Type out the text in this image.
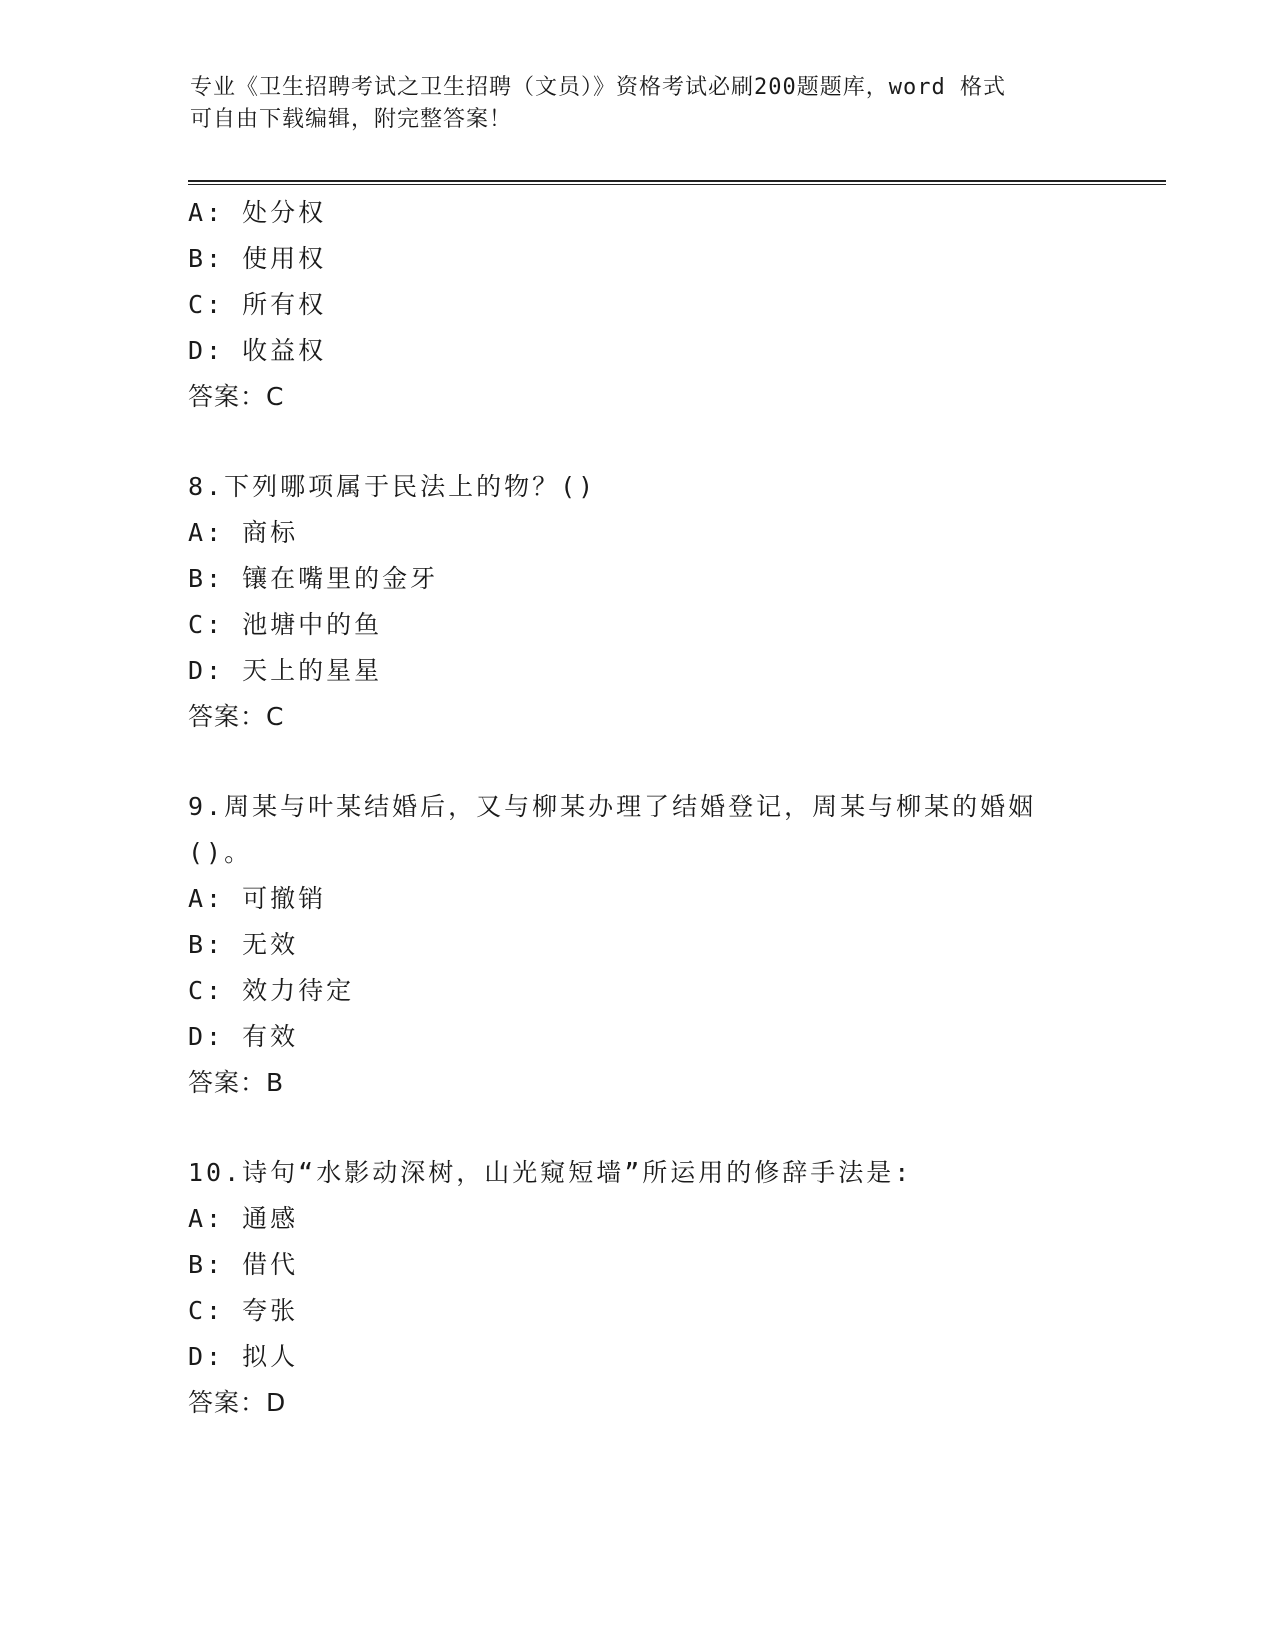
专业《卫生招聘考试之卫生招聘（文员）》资格考试必刷200题题库，word 格式
可自由下载编辑，附完整答案！
A: 处分权
B: 使用权
C: 所有权
D: 收益权
答案：C
8.下列哪项属于民法上的物？()
A: 商标
B: 镶在嘴里的金牙
C: 池塘中的鱼
D: 天上的星星
答案：C
9.周某与叶某结婚后，又与柳某办理了结婚登记，周某与柳某的婚姻
()。
A: 可撤销
B: 无效
C: 效力待定
D: 有效
答案：B
10.诗句“水影动深树，山光窥短墙”所运用的修辞手法是:
A: 通感
B: 借代
C: 夸张
D: 拟人
答案：D
